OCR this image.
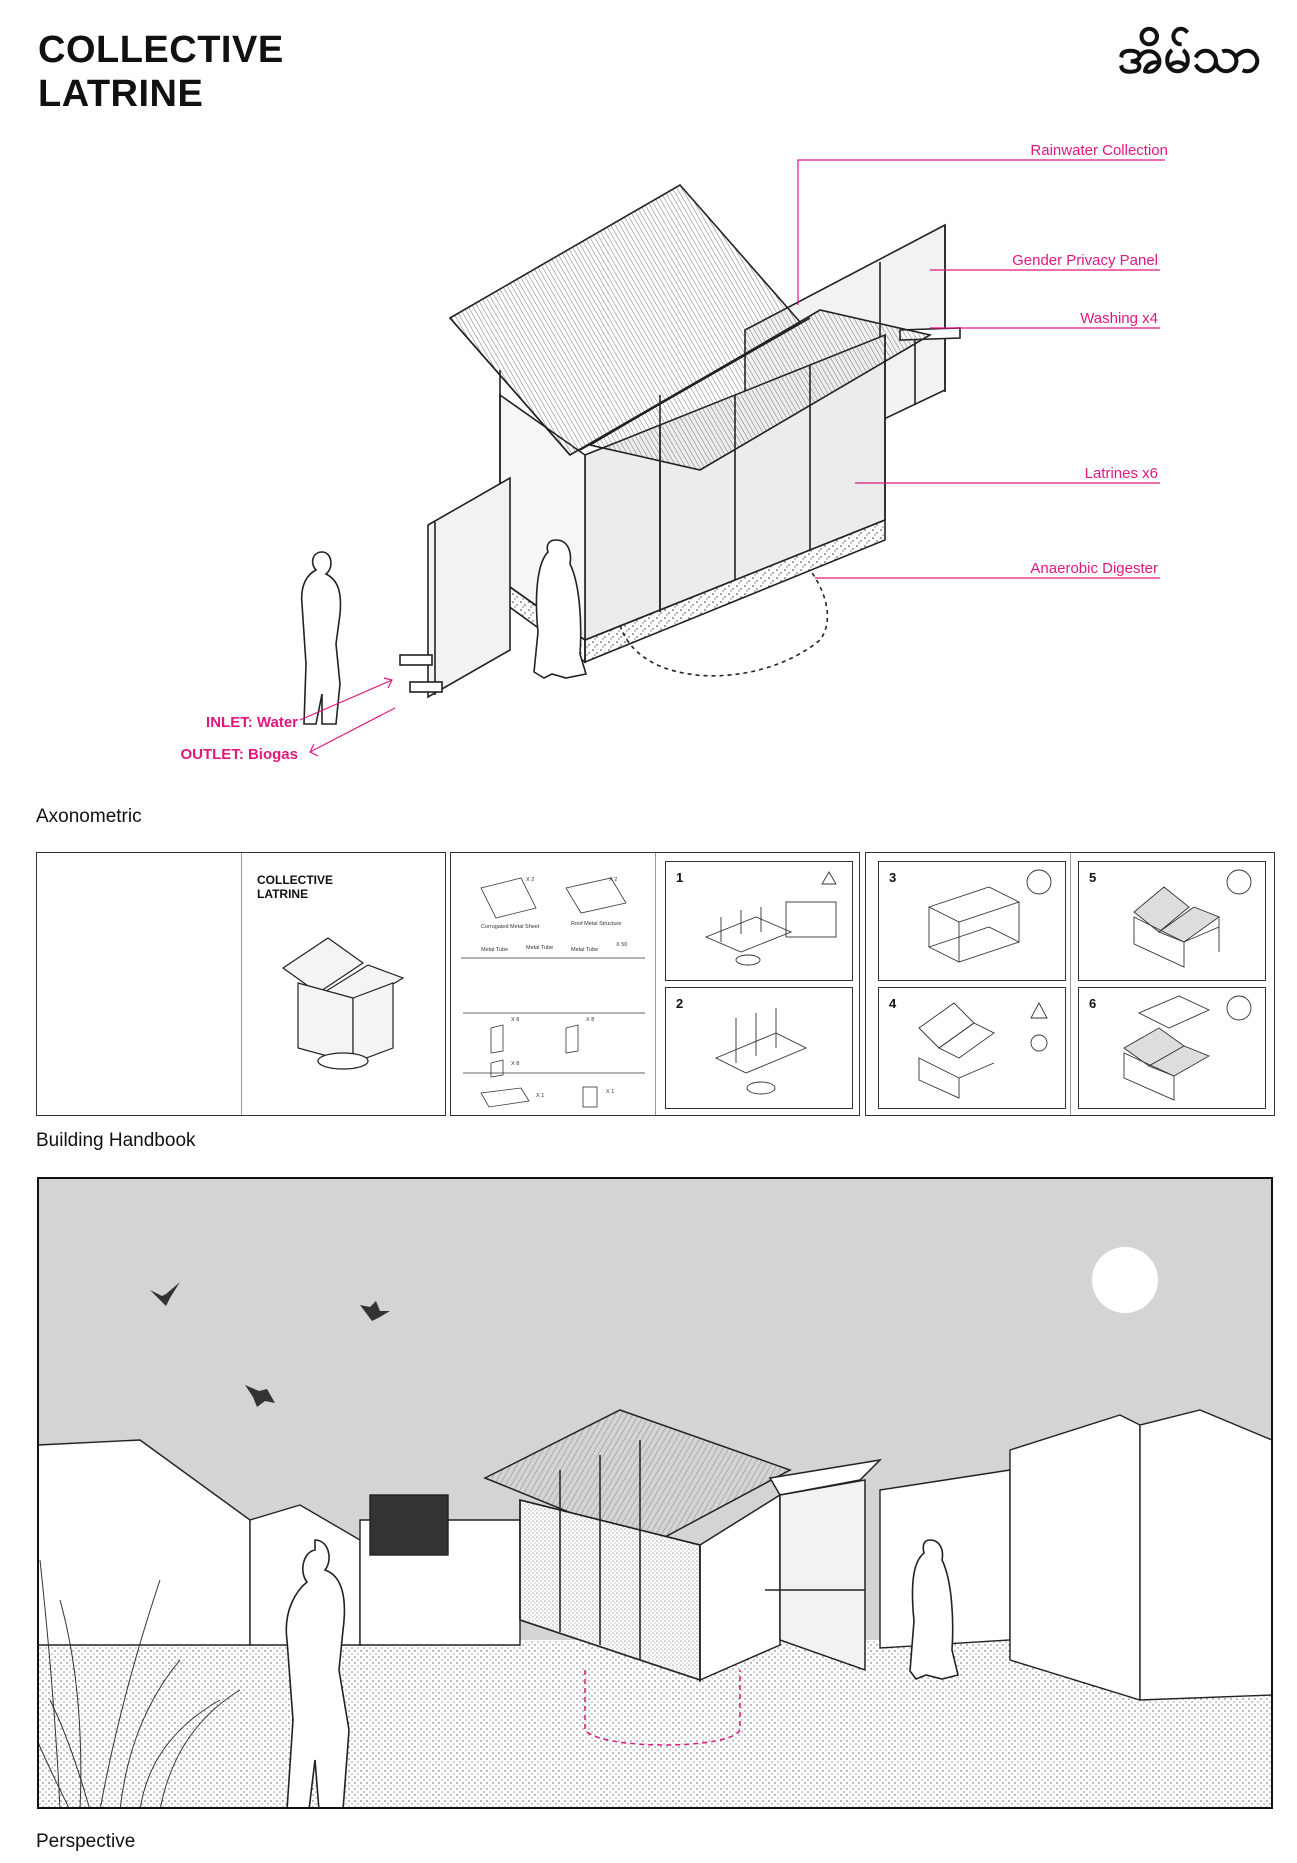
COLLECTIVE
LATRINE
အိမ်သာ
Rainwater Collection
Gender Privacy Panel
Washing x4
Latrines x6
Anaerobic Digester
INLET: Water
OUTLET: Biogas
Axonometric
COLLECTIVE
LATRINE
X 2	X 2
Corrugated Metal Sheet	Roof Metal Structure
Metal Tube	Metal Tube	Metal Tube
X 50
X 8	X 8
X 8
X 1
X 1
1
2
3	5
4	6
Building Handbook
Perspective
